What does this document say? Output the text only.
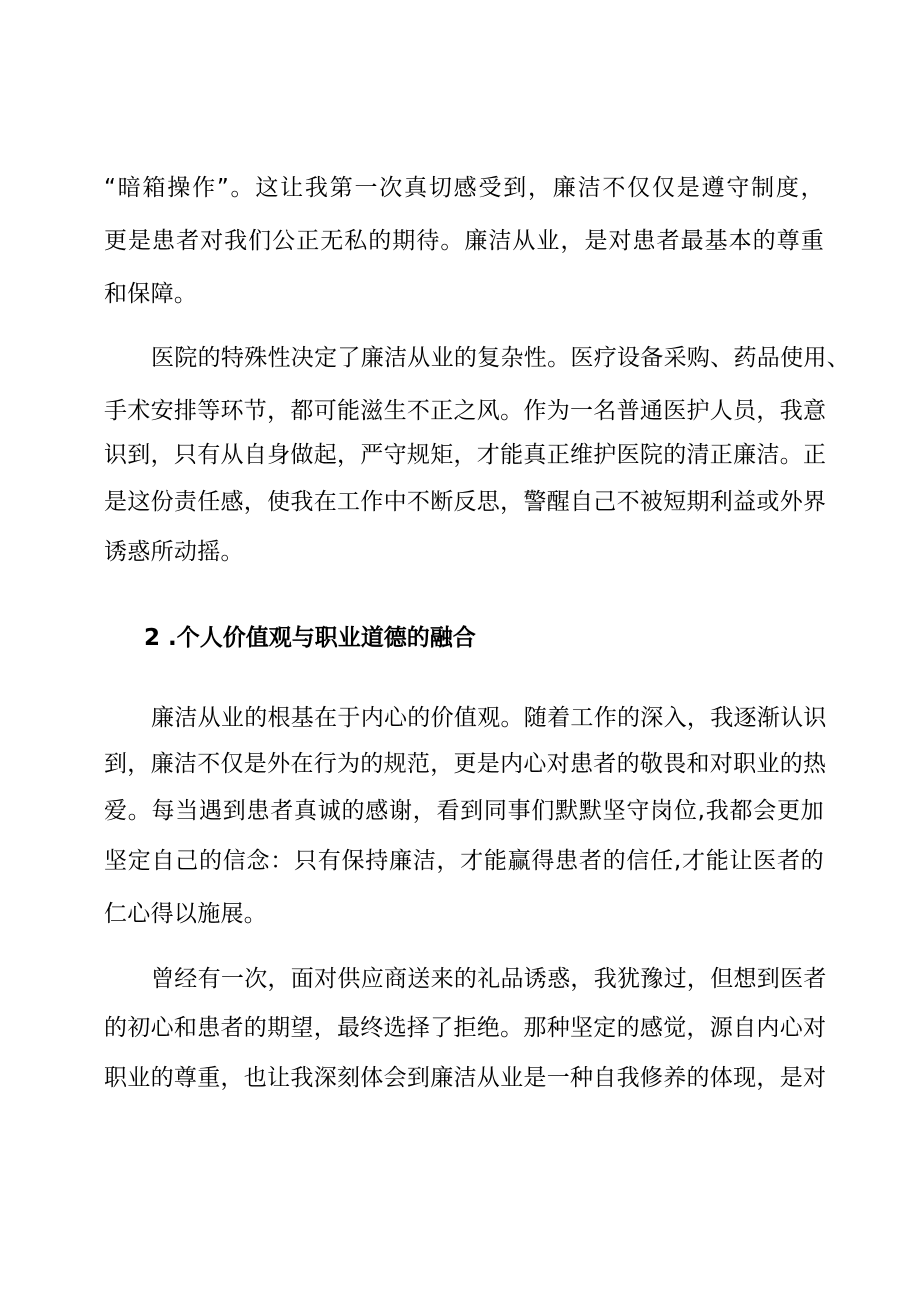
“暗箱操作”。这让我第一次真切感受到，廉洁不仅仅是遵守制度，
更是患者对我们公正无私的期待。廉洁从业，是对患者最基本的尊重
和保障。
医院的特殊性决定了廉洁从业的复杂性。医疗设备采购、药品使用、
手术安排等环节，都可能滋生不正之风。作为一名普通医护人员，我意
识到，只有从自身做起，严守规矩，才能真正维护医院的清正廉洁。正
是这份责任感，使我在工作中不断反思，警醒自己不被短期利益或外界
诱惑所动摇。
2 .个人价值观与职业道德的融合
廉洁从业的根基在于内心的价值观。随着工作的深入，我逐渐认识
到，廉洁不仅是外在行为的规范，更是内心对患者的敬畏和对职业的热
爱。每当遇到患者真诚的感谢，看到同事们默默坚守岗位,我都会更加
坚定自己的信念：只有保持廉洁，才能赢得患者的信任,才能让医者的
仁心得以施展。
曾经有一次，面对供应商送来的礼品诱惑，我犹豫过，但想到医者
的初心和患者的期望，最终选择了拒绝。那种坚定的感觉，源自内心对
职业的尊重，也让我深刻体会到廉洁从业是一种自我修养的体现，是对
